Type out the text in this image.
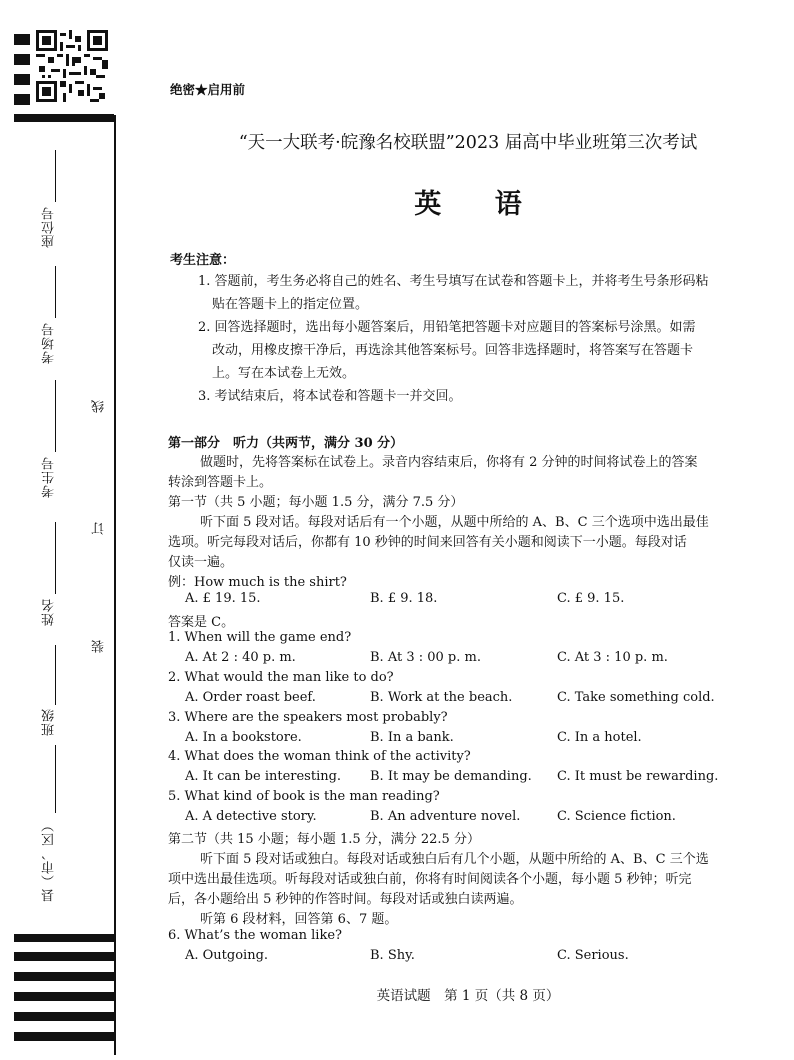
座位号
考场号
考生号
姓名
班级
县（市、区）
线
订
装
绝密★启用前
“天一大联考·皖豫名校联盟”2023 届高中毕业班第三次考试
英 语
考生注意：
1. 答题前，考生务必将自己的姓名、考生号填写在试卷和答题卡上，并将考生号条形码粘
贴在答题卡上的指定位置。
2. 回答选择题时，选出每小题答案后，用铅笔把答题卡对应题目的答案标号涂黑。如需
改动，用橡皮擦干净后，再选涂其他答案标号。回答非选择题时，将答案写在答题卡
上。写在本试卷上无效。
3. 考试结束后，将本试卷和答题卡一并交回。
第一部分　听力（共两节，满分 30 分）
做题时，先将答案标在试卷上。录音内容结束后，你将有 2 分钟的时间将试卷上的答案
转涂到答题卡上。
第一节（共 5 小题；每小题 1.5 分，满分 7.5 分）
听下面 5 段对话。每段对话后有一个小题，从题中所给的 A、B、C 三个选项中选出最佳
选项。听完每段对话后，你都有 10 秒钟的时间来回答有关小题和阅读下一小题。每段对话
仅读一遍。
例：How much is the shirt?
A. £ 19. 15.	B. £ 9. 18.	C. £ 9. 15.
答案是 C。
1. When will the game end?
A. At 2 : 40 p. m.	B. At 3 : 00 p. m.	C. At 3 : 10 p. m.
2. What would the man like to do?
A. Order roast beef.	B. Work at the beach.	C. Take something cold.
3. Where are the speakers most probably?
A. In a bookstore.	B. In a bank.	C. In a hotel.
4. What does the woman think of the activity?
A. It can be interesting. B. It may be demanding. C. It must be rewarding.
5. What kind of book is the man reading?
A. A detective story.	B. An adventure novel.	C. Science fiction.
第二节（共 15 小题；每小题 1.5 分，满分 22.5 分）
听下面 5 段对话或独白。每段对话或独白后有几个小题，从题中所给的 A、B、C 三个选
项中选出最佳选项。听每段对话或独白前，你将有时间阅读各个小题，每小题 5 秒钟；听完
后，各小题给出 5 秒钟的作答时间。每段对话或独白读两遍。
听第 6 段材料，回答第 6、7 题。
6. What’s the woman like?
A. Outgoing.	B. Shy.	C. Serious.
英语试题　第 1 页（共 8 页）
